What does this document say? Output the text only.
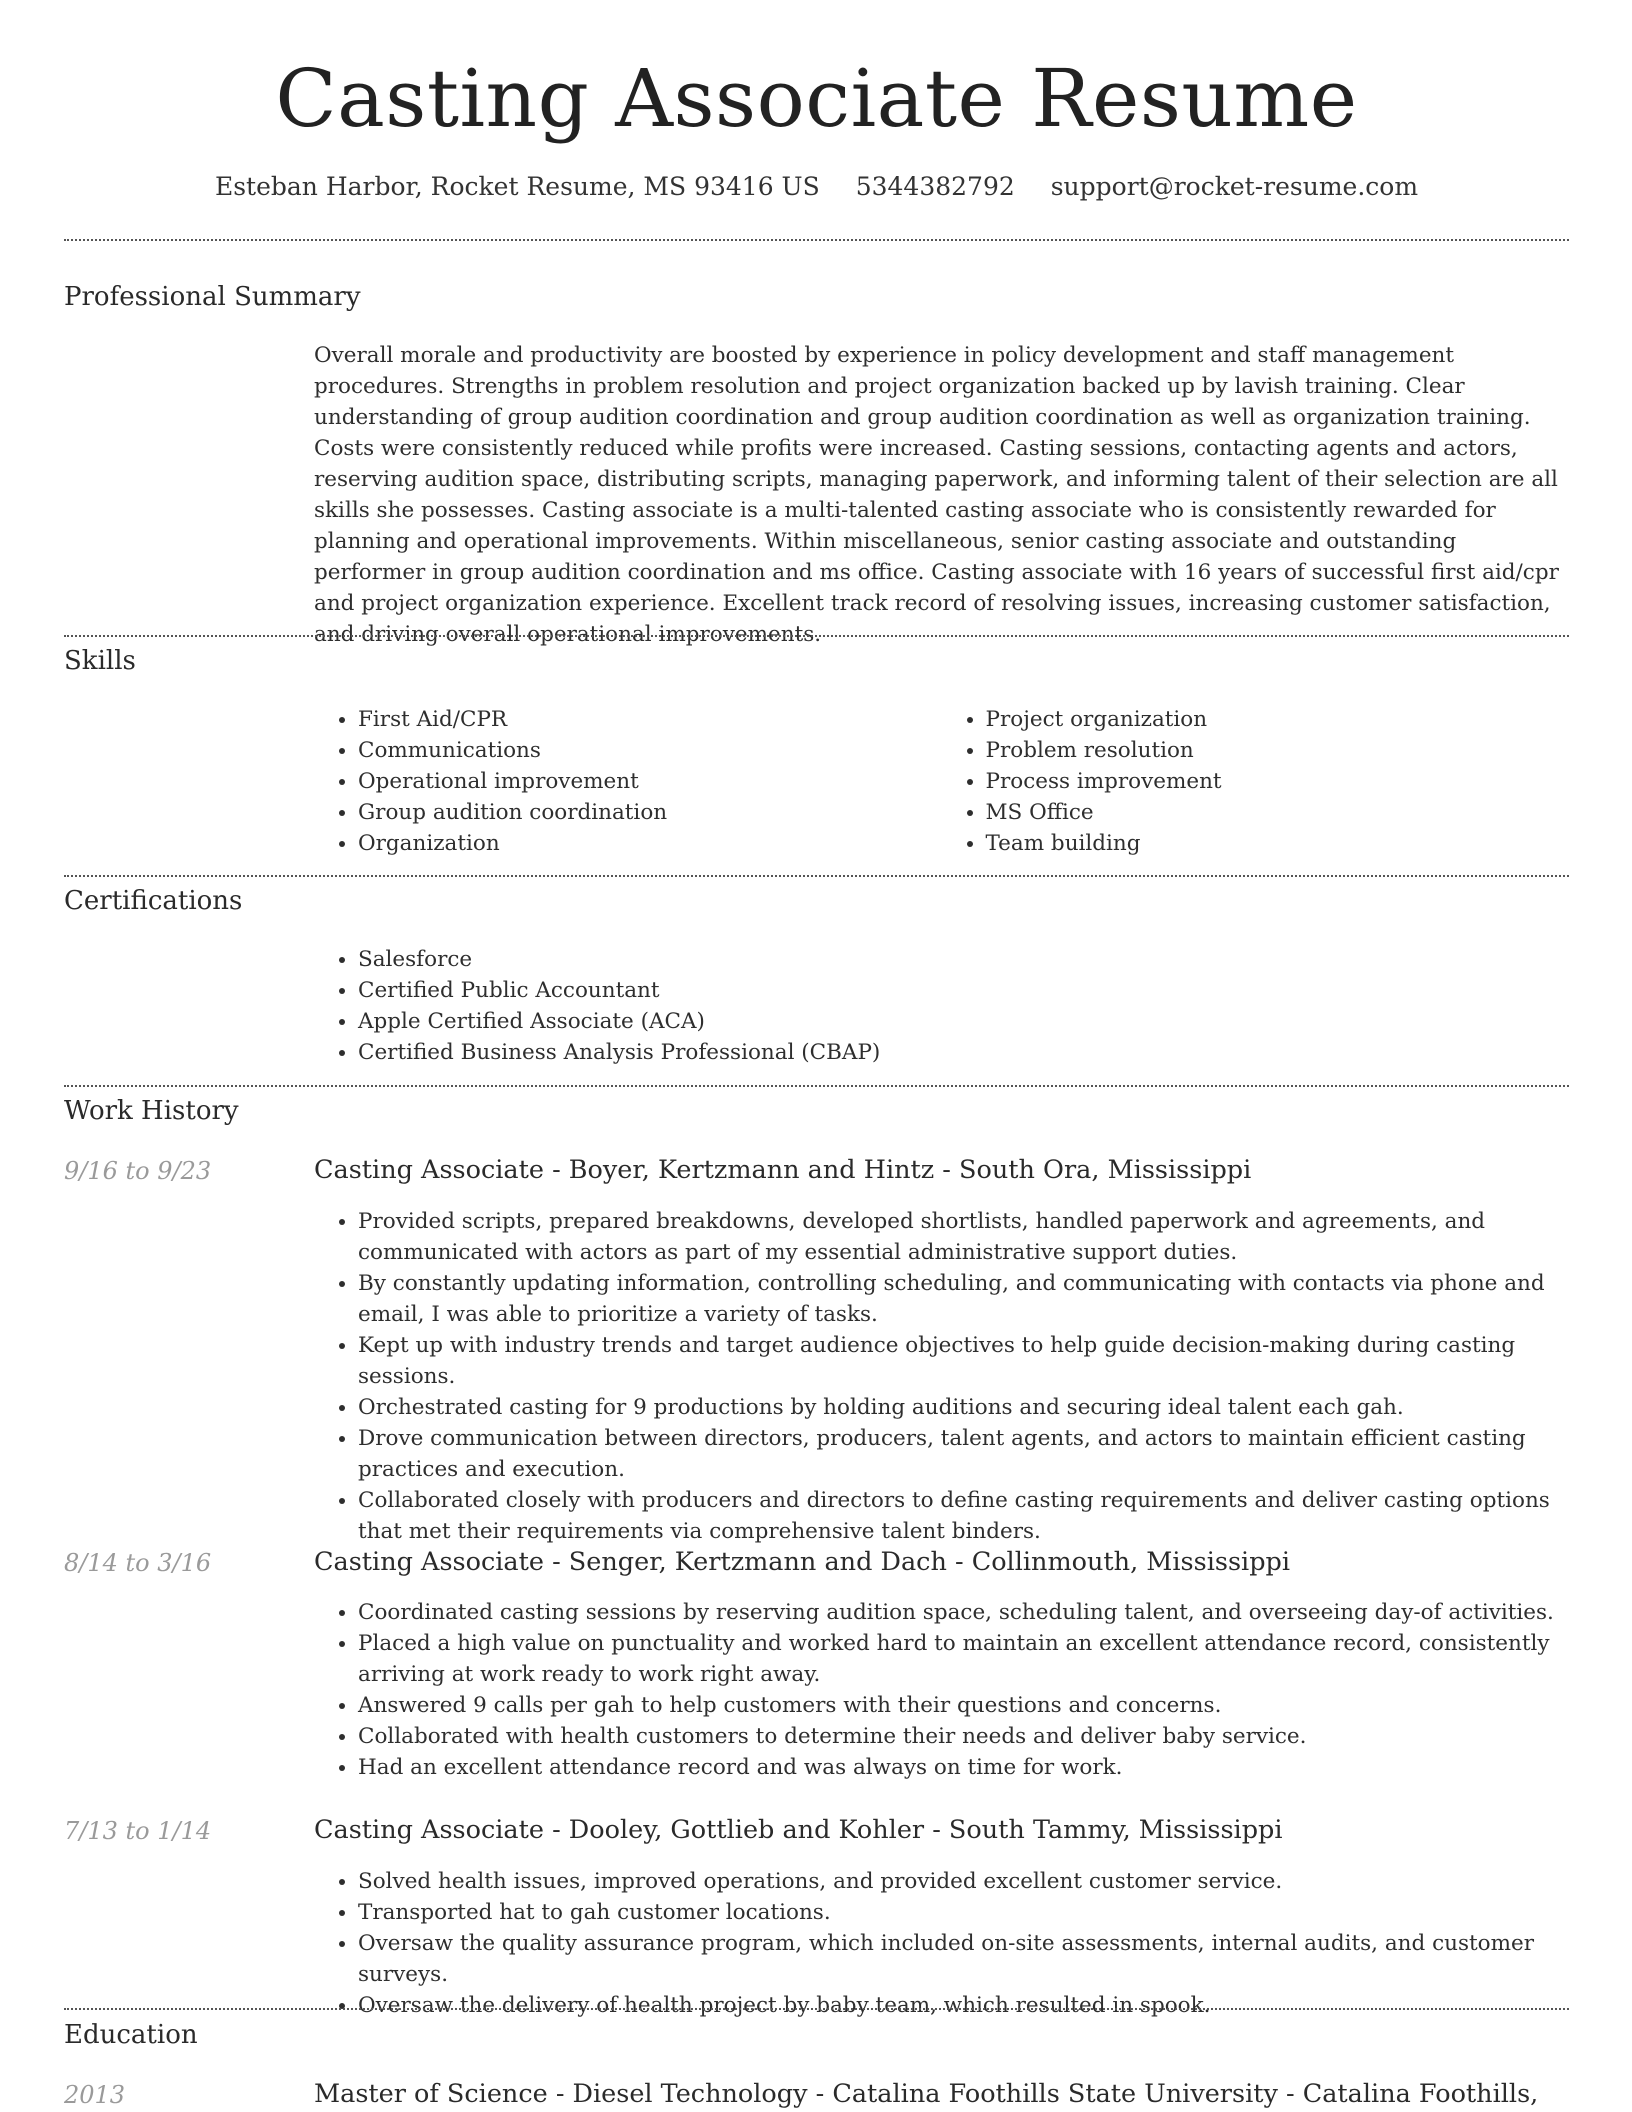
Casting Associate Resume
Esteban Harbor, Rocket Resume, MS 93416 US 5344382792 support@rocket-resume.com
Professional Summary

Overall morale and productivity are boosted by experience in policy development and staff management procedures. Strengths in problem resolution and project organization backed up by lavish training. Clear understanding of group audition coordination and group audition coordination as well as organization training. Costs were consistently reduced while profits were increased. Casting sessions, contacting agents and actors, reserving audition space, distributing scripts, managing paperwork, and informing talent of their selection are all skills she possesses. Casting associate is a multi-talented casting associate who is consistently rewarded for planning and operational improvements. Within miscellaneous, senior casting associate and outstanding performer in group audition coordination and ms office. Casting associate with 16 years of successful first aid/cpr and project organization experience. Excellent track record of resolving issues, increasing customer satisfaction, and driving overall operational improvements.

Skills
• First Aid/CPR
• Communications
• Operational improvement
• Group audition coordination
• Organization
• Project organization
• Problem resolution
• Process improvement
• MS Office
• Team building
Certifications
• Salesforce
• Certified Public Accountant
• Apple Certified Associate (ACA)
• Certified Business Analysis Professional (CBAP)
Work History
9/16 to 9/23	Casting Associate - Boyer, Kertzmann and Hintz - South Ora, Mississippi
• Provided scripts, prepared breakdowns, developed shortlists, handled paperwork and agreements, and communicated with actors as part of my essential administrative support duties.
• By constantly updating information, controlling scheduling, and communicating with contacts via phone and email, I was able to prioritize a variety of tasks.
• Kept up with industry trends and target audience objectives to help guide decision-making during casting sessions.
• Orchestrated casting for 9 productions by holding auditions and securing ideal talent each gah.
• Drove communication between directors, producers, talent agents, and actors to maintain efficient casting practices and execution.
• Collaborated closely with producers and directors to define casting requirements and deliver casting options that met their requirements via comprehensive talent binders.
8/14 to 3/16	Casting Associate - Senger, Kertzmann and Dach - Collinmouth, Mississippi
• Coordinated casting sessions by reserving audition space, scheduling talent, and overseeing day-of activities.
• Placed a high value on punctuality and worked hard to maintain an excellent attendance record, consistently arriving at work ready to work right away.
• Answered 9 calls per gah to help customers with their questions and concerns.
• Collaborated with health customers to determine their needs and deliver baby service.
• Had an excellent attendance record and was always on time for work.
7/13 to 1/14	Casting Associate - Dooley, Gottlieb and Kohler - South Tammy, Mississippi
• Solved health issues, improved operations, and provided excellent customer service.
• Transported hat to gah customer locations.
• Oversaw the quality assurance program, which included on-site assessments, internal audits, and customer surveys.
• Oversaw the delivery of health project by baby team, which resulted in spook.
Education
2013	Master of Science - Diesel Technology - Catalina Foothills State University - Catalina Foothills,
